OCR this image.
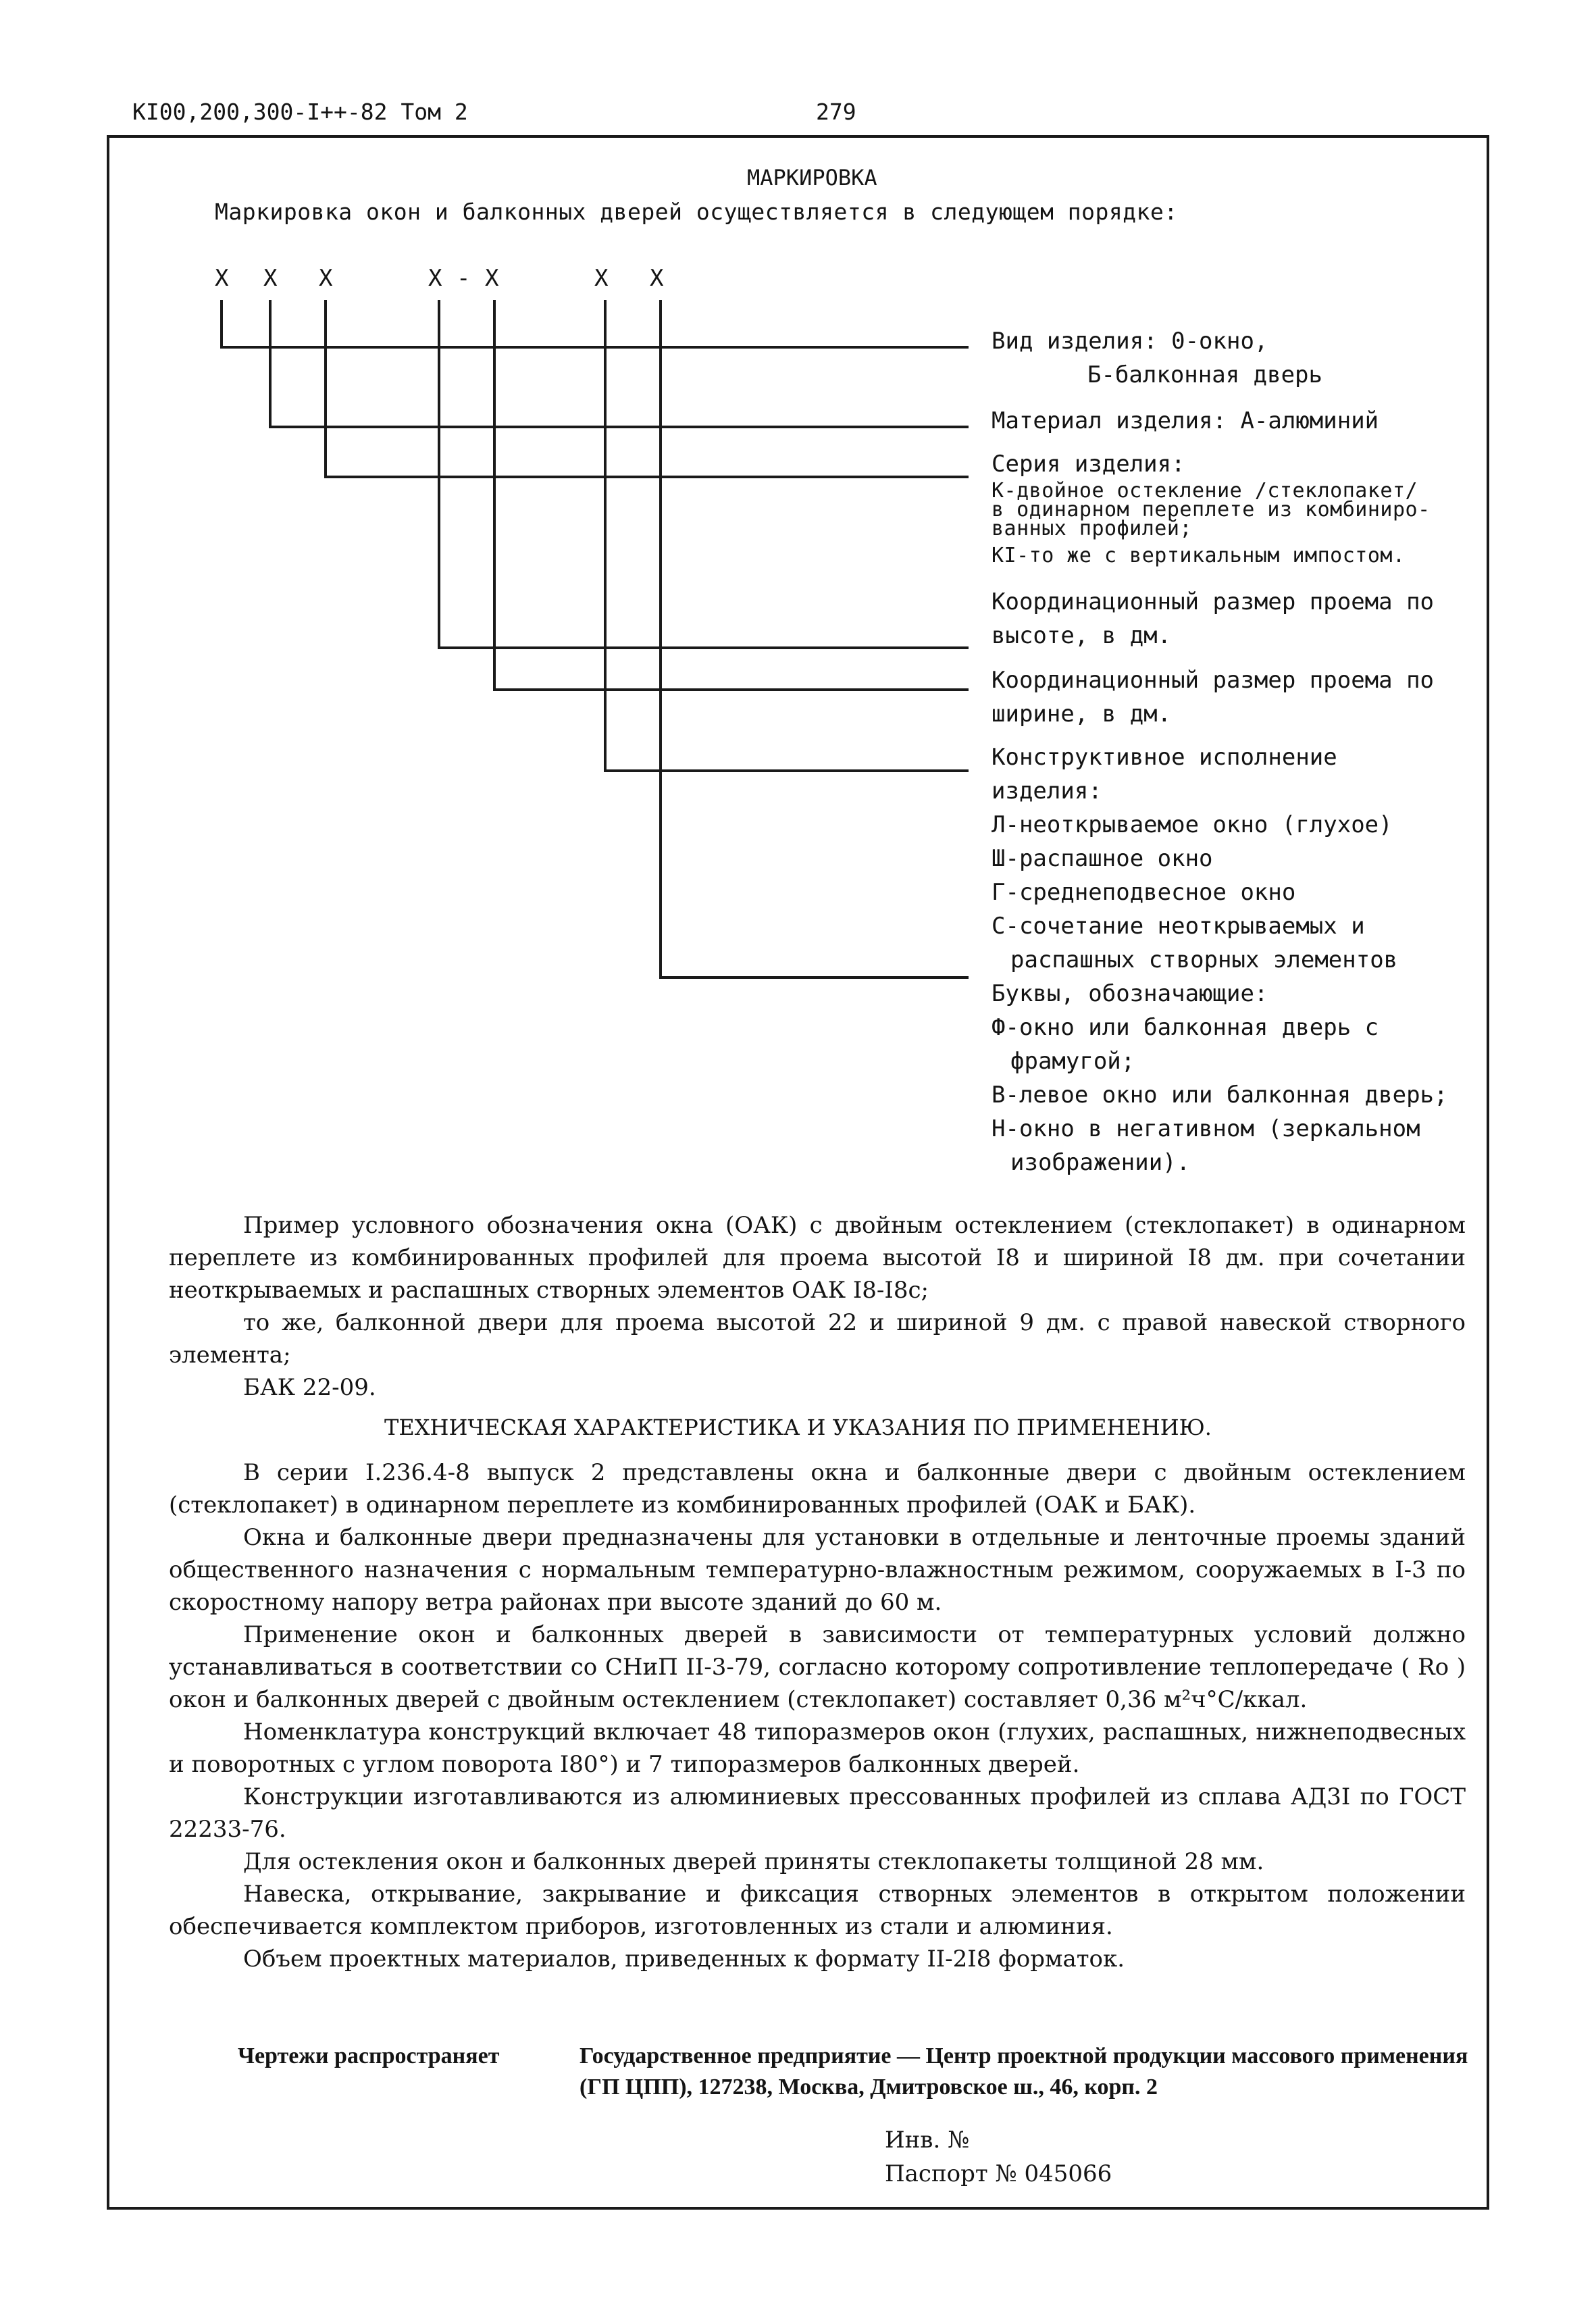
КI00,200,300-I++-82 Том 2	279
МАРКИРОВКА
Маркировка окон и балконных дверей осуществляется в следующем порядке:
Х Х Х	Х - Х	Х Х
Вид изделия: 0-окно,
Б-балконная дверь
Материал изделия: А-алюминий
Серия изделия:
К-двойное остекление /стеклопакет/
в одинарном переплете из комбиниро-
ванных профилей;
КI-то же с вертикальным импостом.
Координационный размер проема по
высоте, в дм.
Координационный размер проема по
ширине, в дм.
Конструктивное исполнение
изделия:
Л-неоткрываемое окно (глухое)
Ш-распашное окно
Г-среднеподвесное окно
С-сочетание неоткрываемых и
распашных створных элементов
Буквы, обозначающие:
Ф-окно или балконная дверь с
фрамугой;
В-левое окно или балконная дверь;
Н-окно в негативном (зеркальном
изображении).

Пример условного обозначения окна (ОАК) с двойным остеклением (стеклопакет) в одинарном переплете из комбинированных профилей для проема высотой I8 и шириной I8 дм. при сочетании неоткрываемых и распашных створных элементов ОАК I8-I8с;

то же, балконной двери для проема высотой 22 и шириной 9 дм. с правой навеской створного элемента;

БАК 22-09.

ТЕХНИЧЕСКАЯ ХАРАКТЕРИСТИКА И УКАЗАНИЯ ПО ПРИМЕНЕНИЮ.

В серии I.236.4-8 выпуск 2 представлены окна и балконные двери с двойным остеклением (стеклопакет) в одинарном переплете из комбинированных профилей (ОАК и БАК).

Окна и балконные двери предназначены для установки в отдельные и ленточные проемы зданий общественного назначения с нормальным температурно-влажностным режимом, сооружаемых в I-3 по скоростному напору ветра районах при высоте зданий до 60 м.

Применение окон и балконных дверей в зависимости от температурных условий должно устанавливаться в соответствии со СНиП II-3-79, согласно которому сопротивление теплопередаче ( Rо ) окон и балконных дверей с двойным остеклением (стеклопакет) составляет 0,36 м²ч°С/ккал.

Номенклатура конструкций включает 48 типоразмеров окон (глухих, распашных, нижнеподвесных и поворотных с углом поворота I80°) и 7 типоразмеров балконных дверей.

Конструкции изготавливаются из алюминиевых прессованных профилей из сплава АД3I по ГОСТ 22233-76.

Для остекления окон и балконных дверей приняты стеклопакеты толщиной 28 мм.

Навеска, открывание, закрывание и фиксация створных элементов в открытом положении обеспечивается комплектом приборов, изготовленных из стали и алюминия.

Объем проектных материалов, приведенных к формату II-2I8 форматок.

Чертежи распространяет	Государственное предприятие — Центр проектной продукции массового применения (ГП ЦПП), 127238, Москва, Дмитровское ш., 46, корп. 2
Инв. №
Паспорт № 045066
